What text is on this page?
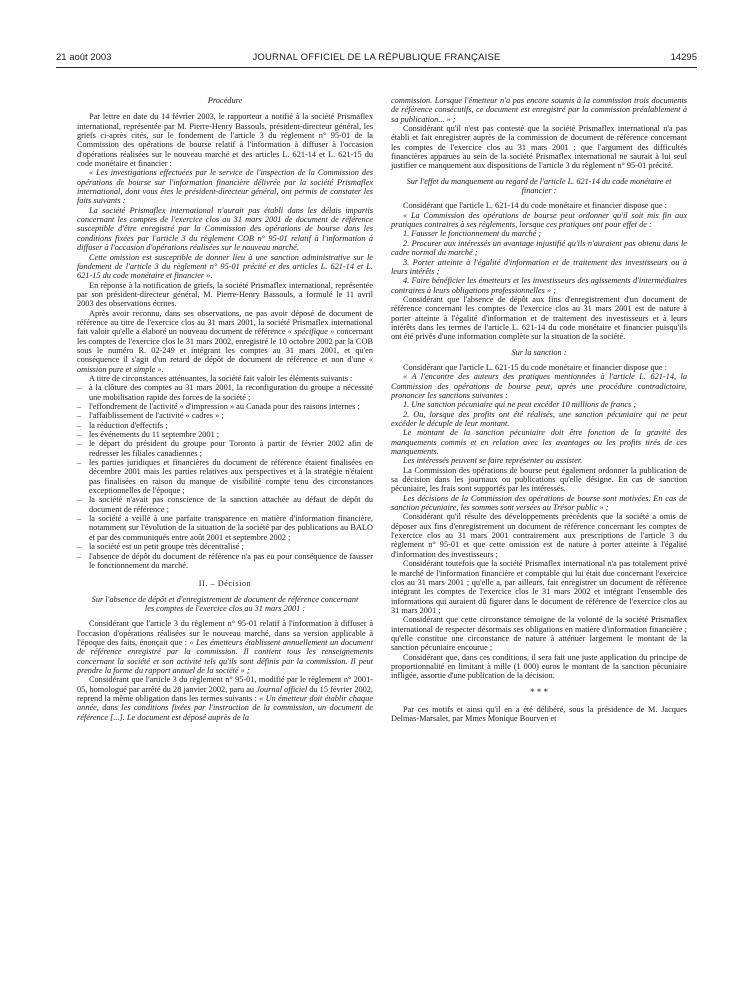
21 août 2003	JOURNAL OFFICIEL DE LA RÉPUBLIQUE FRANÇAISE	14295

Procédure

Par lettre en date du 14 février 2003, le rapporteur a notifié à la société Prismaflex international, représentée par M. Pierre-Henry Bassouls, président-directeur général, les griefs ci-après cités, sur le fondement de l'article 3 du règlement n° 95-01 de la Commission des opérations de bourse relatif à l'information à diffuser à l'occasion d'opérations réalisées sur le nouveau marché et des articles L. 621-14 et L. 621-15 du code monétaire et financier :

« Les investigations effectuées par le service de l'inspection de la Commission des opérations de bourse sur l'information financière délivrée par la société Prismaflex international, dont vous êtes le président-directeur général, ont permis de constater les faits suivants :

La société Prismaflex international n'aurait pas établi dans les délais impartis concernant les comptes de l'exercice clos au 31 mars 2001 de document de référence susceptible d'être enregistré par la Commission des opérations de bourse dans les conditions fixées par l'article 3 du règlement COB n° 95-01 relatif à l'information à diffuser à l'occasion d'opérations réalisées sur le nouveau marché.

Cette omission est susceptible de donner lieu à une sanction administrative sur le fondement de l'article 3 du règlement n° 95-01 précité et des articles L. 621-14 et L. 621-15 du code monétaire et financier ».

En réponse à la notification de griefs, la société Prismaflex international, représentée par son président-directeur général, M. Pierre-Henry Bassouls, a formulé le 11 avril 2003 des observations écrites.

Après avoir reconnu, dans ses observations, ne pas avoir déposé de document de référence au titre de l'exercice clos au 31 mars 2001, la société Prismaflex international fait valoir qu'elle a élaboré un nouveau document de référence « spécifique » concernant les comptes de l'exercice clos le 31 mars 2002, enregistré le 10 octobre 2002 par la COB sous le numéro R. 02-249 et intégrant les comptes au 31 mars 2001, et qu'en conséquence il s'agit d'un retard de dépôt de document de référence et non d'une « omission pure et simple ».

A titre de circonstances atténuantes, la société fait valoir les éléments suivants :

– à la clôture des comptes au 31 mars 2001, la reconfiguration du groupe a nécessité une mobilisation rapide des forces de la société ;
– l'effondrement de l'activité « d'impression » au Canada pour des raisons internes ;
– l'affaiblissement de l'activité « cadres » ;
– la réduction d'effectifs ;
– les événements du 11 septembre 2001 ;
– le départ du président du groupe pour Toronto à partir de février 2002 afin de redresser les filiales canadiennes ;
– les parties juridiques et financières du document de référence étaient finalisées en décembre 2001 mais les parties relatives aux perspectives et à la stratégie n'étaient pas finalisées en raison du manque de visibilité compte tenu des circonstances exceptionnelles de l'époque ;
– la société n'avait pas conscience de la sanction attachée au défaut de dépôt du document de référence ;
– la société a veillé à une parfaite transparence en matière d'information financière, notamment sur l'évolution de la situation de la société par des publications au BALO et par des communiqués entre août 2001 et septembre 2002 ;
– la société est un petit groupe très décentralisé ;
– l'absence de dépôt du document de référence n'a pas eu pour conséquence de fausser le fonctionnement du marché.

II. – Décision

Sur l'absence de dépôt et d'enregistrement de document de référence concernant les comptes de l'exercice clos au 31 mars 2001 :

Considérant que l'article 3 du règlement n° 95-01 relatif à l'information à diffuser à l'occasion d'opérations réalisées sur le nouveau marché, dans sa version applicable à l'époque des faits, énonçait que : « Les émetteurs établissent annuellement un document de référence enregistré par la commission. Il contient tous les renseignements concernant la société et son activité tels qu'ils sont définis par la commission. Il peut prendre la forme du rapport annuel de la société » ;

Considérant que l'article 3 du règlement n° 95-01, modifié par le règlement n° 2001-05, homologué par arrêté du 28 janvier 2002, paru au Journal officiel du 15 février 2002, reprend la même obligation dans les termes suivants : « Un émetteur doit établir chaque année, dans les conditions fixées par l'instruction de la commission, un document de référence [...]. Le document est déposé auprès de la

commission. Lorsque l'émetteur n'a pas encore soumis à la commission trois documents de référence consécutifs, ce document est enregistré par la commission préalablement à sa publication... » ;

Considérant qu'il n'est pas contesté que la société Prismaflex international n'a pas établi et fait enregistrer auprès de la commission de document de référence concernant les comptes de l'exercice clos au 31 mars 2001 ; que l'argument des difficultés financières apparues au sein de la société Prismaflex international ne saurait à lui seul justifier ce manquement aux dispositions de l'article 3 du règlement n° 95-01 précité.

Sur l'effet du manquement au regard de l'article L. 621-14 du code monétaire et financier :

Considérant que l'article L. 621-14 du code monétaire et financier dispose que :

« La Commission des opérations de bourse peut ordonner qu'il soit mis fin aux pratiques contraires à ses règlements, lorsque ces pratiques ont pour effet de :

1. Fausser le fonctionnement du marché ;

2. Procurer aux intéressés un avantage injustifié qu'ils n'auraient pas obtenu dans le cadre normal du marché ;

3. Porter atteinte à l'égalité d'information et de traitement des investisseurs ou à leurs intérêts ;

4. Faire bénéficier les émetteurs et les investisseurs des agissements d'intermédiaires contraires à leurs obligations professionnelles » ;

Considérant que l'absence de dépôt aux fins d'enregistrement d'un document de référence concernant les comptes de l'exercice clos au 31 mars 2001 est de nature à porter atteinte à l'égalité d'information et de traitement des investisseurs et à leurs intérêts dans les termes de l'article L. 621-14 du code monétaire et financier puisqu'ils ont été privés d'une information complète sur la situation de la société.

Sur la sanction :

Considérant que l'article L. 621-15 du code monétaire et financier dispose que :

« A l'encontre des auteurs des pratiques mentionnées à l'article L. 621-14, la Commission des opérations de bourse peut, après une procédure contradictoire, prononcer les sanctions suivantes :

1. Une sanction pécuniaire qui ne peut excéder 10 millions de francs ;

2. Ou, lorsque des profits ont été réalisés, une sanction pécuniaire qui ne peut excéder le décuple de leur montant.

Le montant de la sanction pécuniaire doit être fonction de la gravité des manquements commis et en relation avec les avantages ou les profits tirés de ces manquements.

Les intéressés peuvent se faire représenter ou assister.

La Commission des opérations de bourse peut également ordonner la publication de sa décision dans les journaux ou publications qu'elle désigne. En cas de sanction pécuniaire, les frais sont supportés par les intéressés.

Les décisions de la Commission des opérations de bourse sont motivées. En cas de sanction pécuniaire, les sommes sont versées au Trésor public » ;

Considérant qu'il résulte des développements précédents que la société a omis de déposer aux fins d'enregistrement un document de référence concernant les comptes de l'exercice clos au 31 mars 2001 contrairement aux prescriptions de l'article 3 du règlement n° 95-01 et que cette omission est de nature à porter atteinte à l'égalité d'information des investisseurs ;

Considérant toutefois que la société Prismaflex international n'a pas totalement privé le marché de l'information financière et comptable qui lui était due concernant l'exercice clos au 31 mars 2001 ; qu'elle a, par ailleurs, fait enregistrer un document de référence intégrant les comptes de l'exercice clos le 31 mars 2002 et intégrant l'ensemble des informations qui auraient dû figurer dans le document de référence de l'exercice clos au 31 mars 2001 ;

Considérant que cette circonstance témoigne de la volonté de la société Prismaflex international de respecter désormais ses obligations en matière d'information financière ; qu'elle constitue une circonstance de nature à atténuer largement le montant de la sanction pécuniaire encourue ;

Considérant que, dans ces conditions, il sera fait une juste application du principe de proportionnalité en limitant à mille (1 000) euros le montant de la sanction pécuniaire infligée, assortie d'une publication de la décision.

* * *

Par ces motifs et ainsi qu'il en a été délibéré, sous la présidence de M. Jacques Delmas-Marsalet, par Mmes Monique Bourven et
